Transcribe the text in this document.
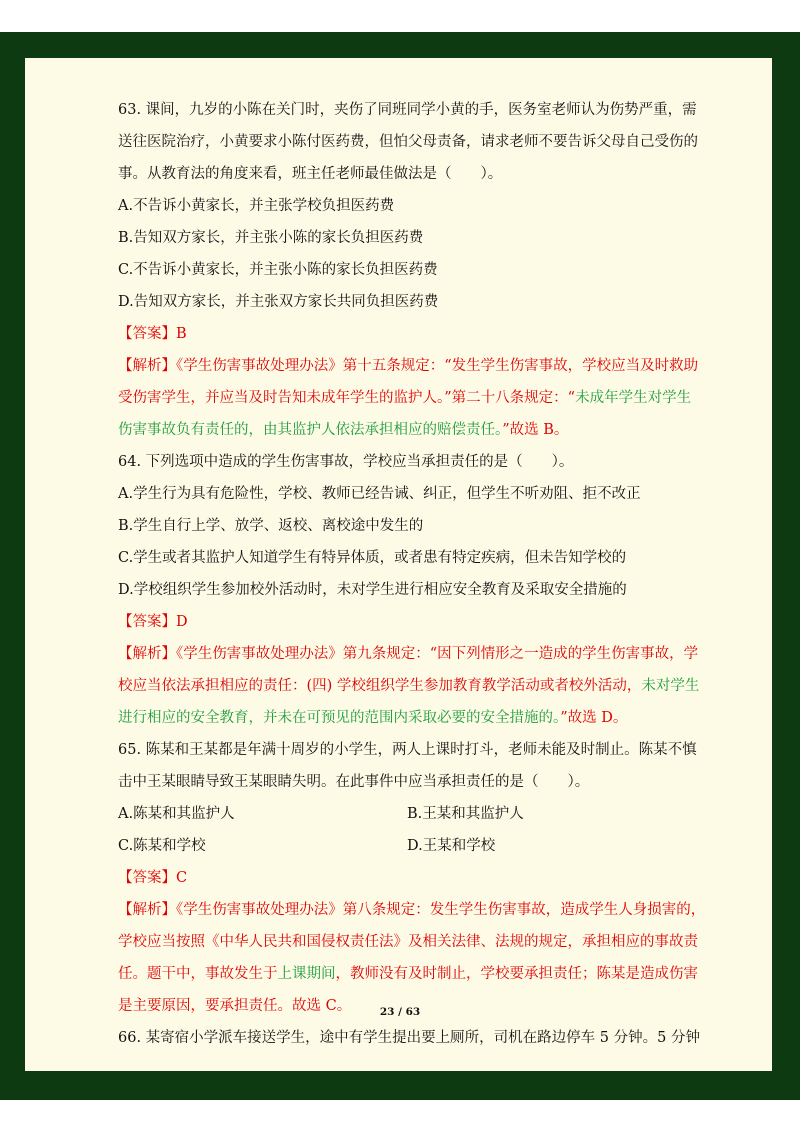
63. 课间，九岁的小陈在关门时，夹伤了同班同学小黄的手，医务室老师认为伤势严重，需
送往医院治疗，小黄要求小陈付医药费，但怕父母责备，请求老师不要告诉父母自己受伤的
事。从教育法的角度来看，班主任老师最佳做法是（　　）。
A.不告诉小黄家长，并主张学校负担医药费
B.告知双方家长，并主张小陈的家长负担医药费
C.不告诉小黄家长，并主张小陈的家长负担医药费
D.告知双方家长，并主张双方家长共同负担医药费
【答案】B
【解析】《学生伤害事故处理办法》第十五条规定：“发生学生伤害事故，学校应当及时救助
受伤害学生，并应当及时告知未成年学生的监护人。”第二十八条规定：“未成年学生对学生
伤害事故负有责任的，由其监护人依法承担相应的赔偿责任。”故选 B。
64. 下列选项中造成的学生伤害事故，学校应当承担责任的是（　　）。
A.学生行为具有危险性，学校、教师已经告诫、纠正，但学生不听劝阻、拒不改正
B.学生自行上学、放学、返校、离校途中发生的
C.学生或者其监护人知道学生有特异体质，或者患有特定疾病，但未告知学校的
D.学校组织学生参加校外活动时，未对学生进行相应安全教育及采取安全措施的
【答案】D
【解析】《学生伤害事故处理办法》第九条规定：“因下列情形之一造成的学生伤害事故，学
校应当依法承担相应的责任：(四) 学校组织学生参加教育教学活动或者校外活动，未对学生
进行相应的安全教育，并未在可预见的范围内采取必要的安全措施的。”故选 D。
65. 陈某和王某都是年满十周岁的小学生，两人上课时打斗，老师未能及时制止。陈某不慎
击中王某眼睛导致王某眼睛失明。在此事件中应当承担责任的是（　　）。
A.陈某和其监护人	B.王某和其监护人
C.陈某和学校	D.王某和学校
【答案】C
【解析】《学生伤害事故处理办法》第八条规定：发生学生伤害事故，造成学生人身损害的，
学校应当按照《中华人民共和国侵权责任法》及相关法律、法规的规定，承担相应的事故责
任。题干中，事故发生于上课期间，教师没有及时制止，学校要承担责任；陈某是造成伤害
是主要原因，要承担责任。故选 C。
66. 某寄宿小学派车接送学生，途中有学生提出要上厕所，司机在路边停车 5 分钟。5 分钟
23 / 63
